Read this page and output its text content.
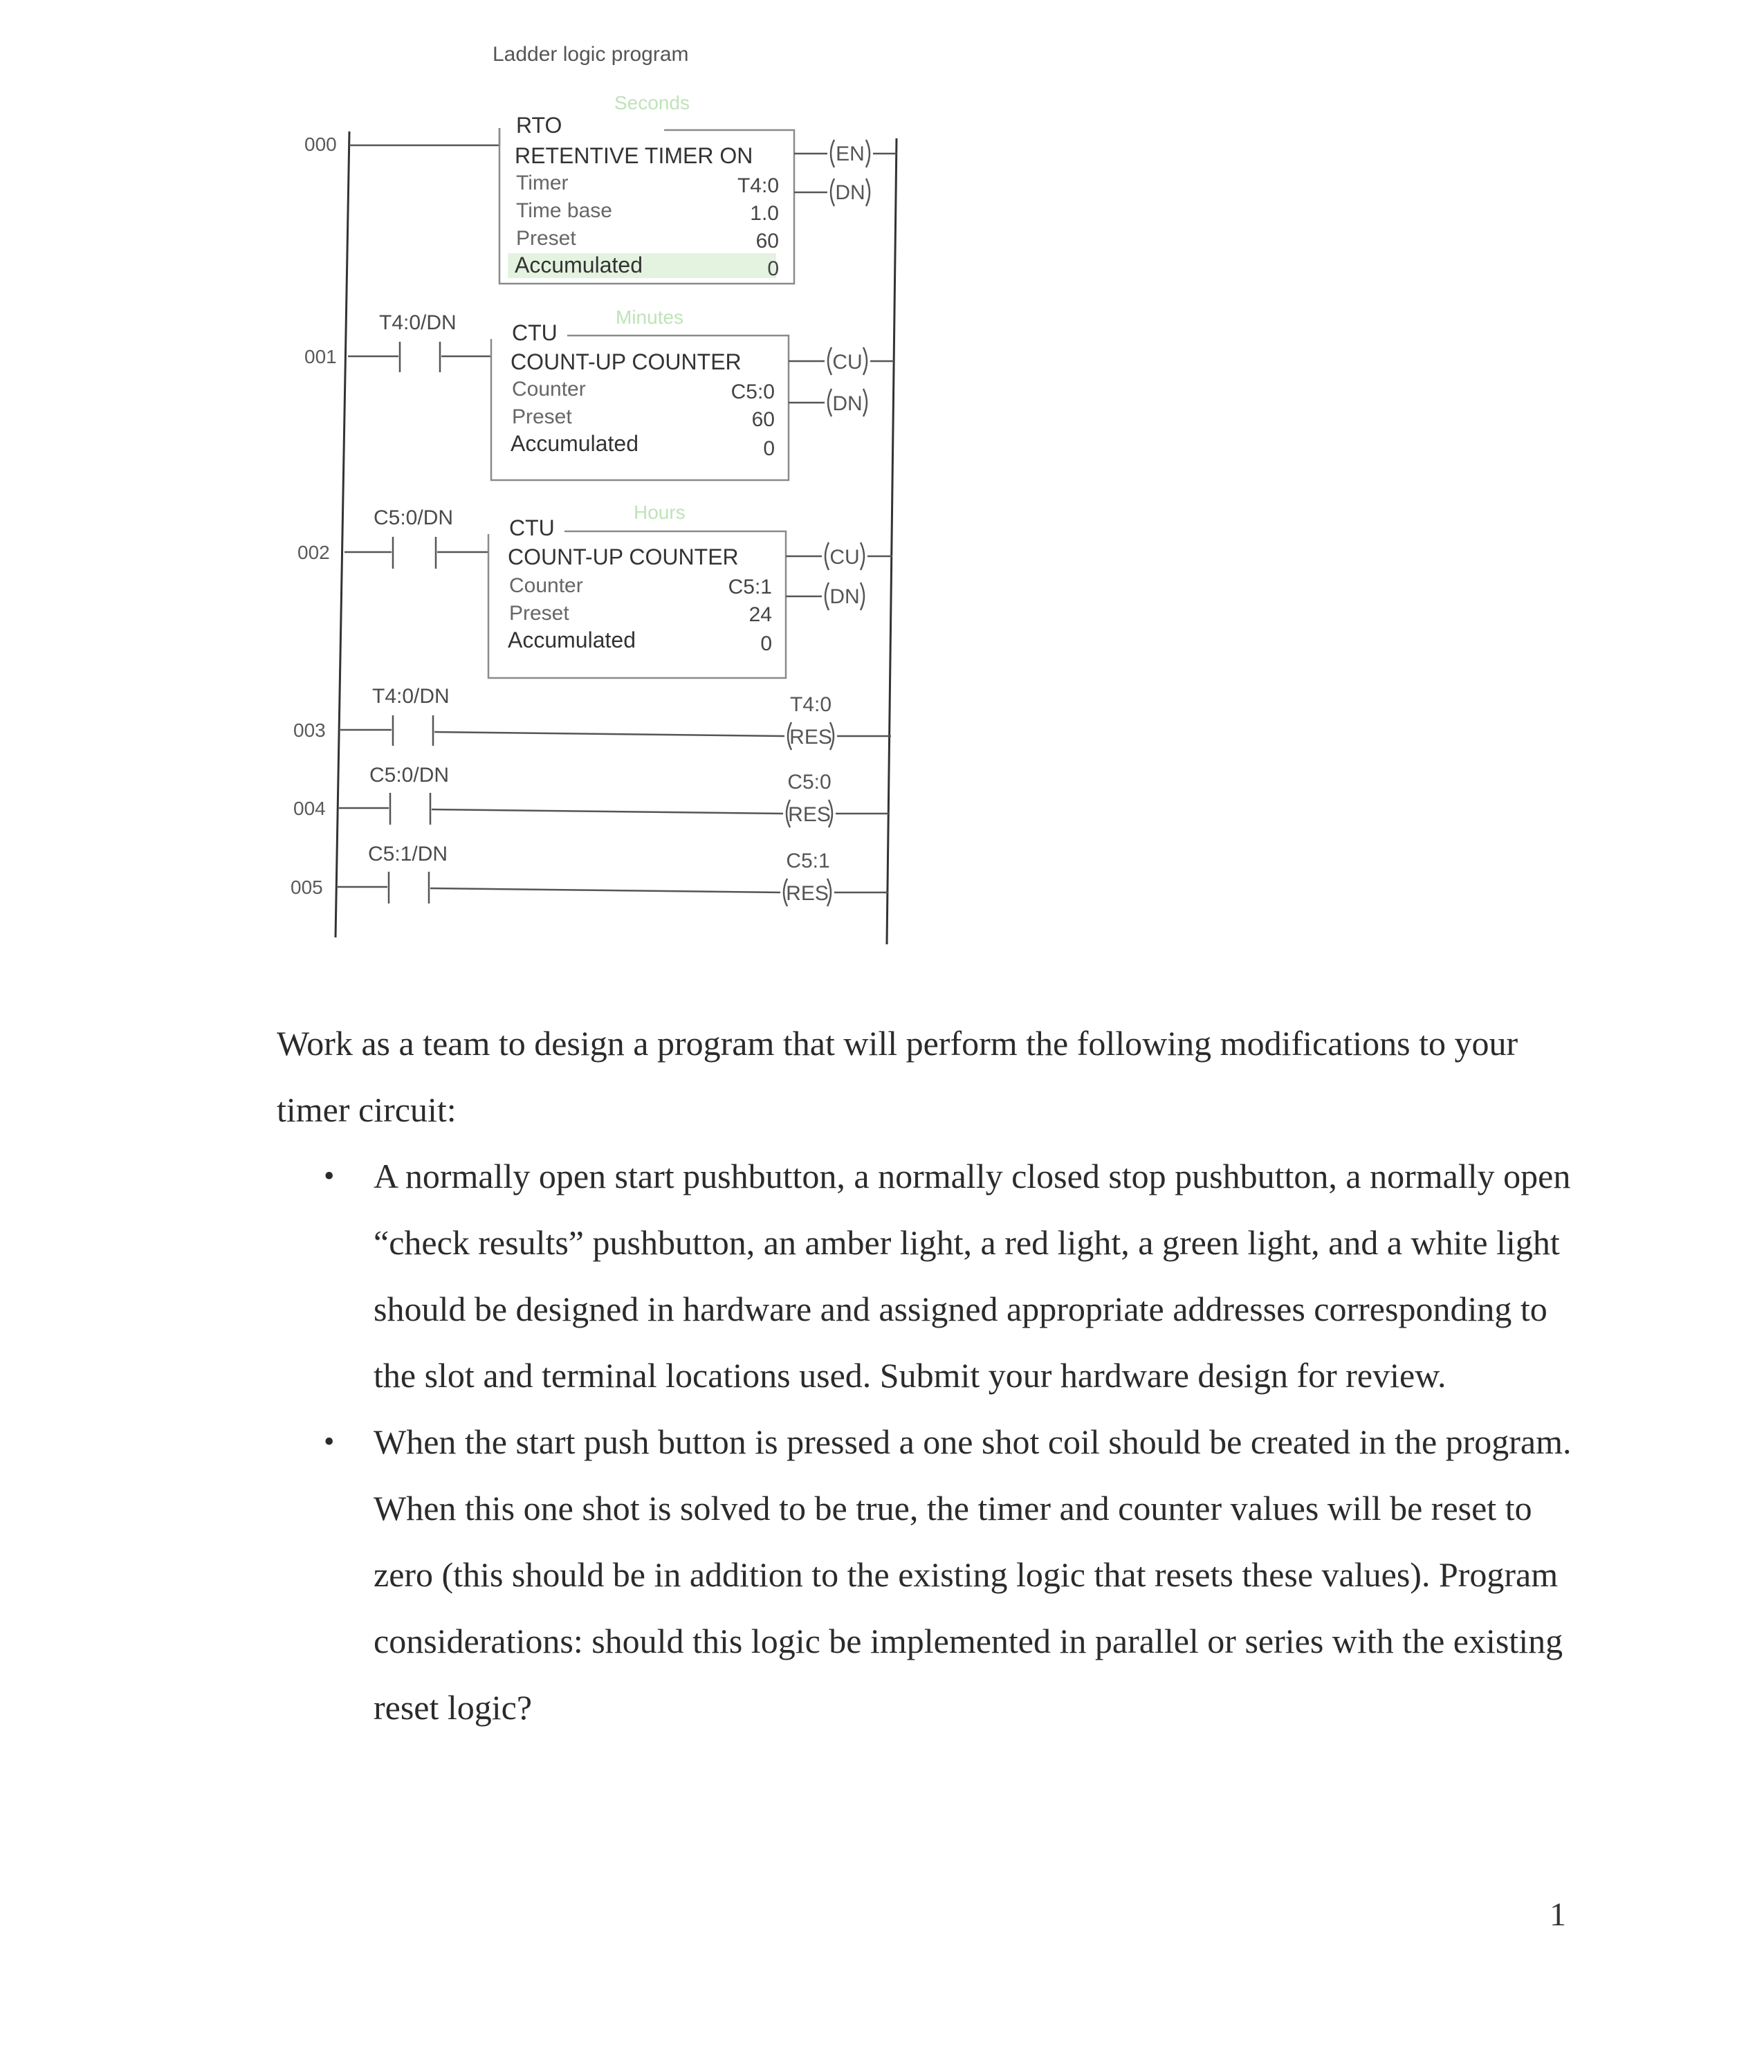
Ladder logic program
000
001
002
003
004
005
Seconds
RTO
RETENTIVE TIMER ON
Timer	T4:0
Time base	1.0
Preset	60
Accumulated	0
EN
DN
T4:0/DN	Minutes
CTU
COUNT-UP COUNTER
Counter	C5:0
Preset	60
Accumulated	0
CU
DN
C5:0/DN	Hours
CTU
COUNT-UP COUNTER
Counter	C5:1
Preset	24
Accumulated	0
CU
DN
T4:0/DN	T4:0
RES
C5:0/DN	C5:0
RES
C5:1/DN	C5:1
RES

Work as a team to design a program that will perform the following modifications to your timer circuit:

• A normally open start pushbutton, a normally closed stop pushbutton, a normally open “check results” pushbutton, an amber light, a red light, a green light, and a white light should be designed in hardware and assigned appropriate addresses corresponding to the slot and terminal locations used. Submit your hardware design for review.
• When the start push button is pressed a one shot coil should be created in the program. When this one shot is solved to be true, the timer and counter values will be reset to zero (this should be in addition to the existing logic that resets these values). Program considerations: should this logic be implemented in parallel or series with the existing reset logic?
1
